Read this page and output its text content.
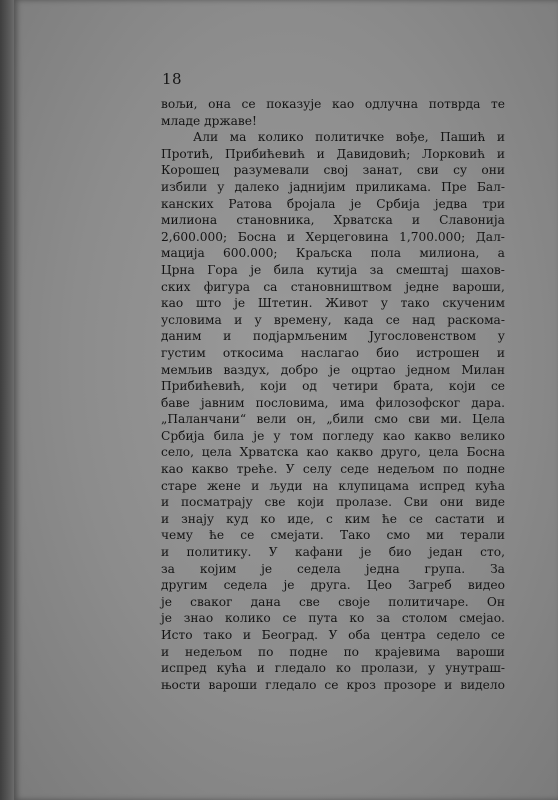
18
вољи, она се показује као одлучна потврда те
младе
државе!

Али ма колико политичке вође, Пашић и
Протић, Прибићевић и Давидовић; Лорковић и
Корошец разумевали свој занат, сви су они
избили у далеко јаднијим приликама. Пре Бал-
канских Ратова бројала је Србија једва три
милиона становника, Хрватска и Славонија
2,600.000; Босна и Херцеговина 1,700.000; Дал-
мација 600.000; Краљска пола милиона, а
Црна Гора је била кутија за смештај шахов-
ских фигура са становништвом једне вароши,
као што је Штетин. Живот у тако скученим
условима и у времену, када се над раскома-
даним и подјармљеним Југословенством у
густим откосима наслагао био истрошен и
мемљив ваздух, добро је оцртао једном Милан
Прибићевић, који од четири брата, који се
баве јавним пословима, има филозофског дара.
„Паланчани“ вели он, „били смо сви ми. Цела
Србија била је у том погледу као какво велико
село, цела Хрватска као какво друго, цела Босна
као какво треће. У селу седе недељом по подне
старе жене и људи на клупицама испред кућа
и посматрају све који пролазе. Сви они виде
и знају куд ко иде, с ким ће се састати и
чему ће се смејати. Тако смо ми терали
и политику. У кафани је био један сто,
за којим је седела једна група. За
другим седела је друга. Цео Загреб видео
је сваког дана све своје политичаре. Он
је знао колико се пута ко за столом смејао.
Исто тако и Београд. У оба центра седело се
и недељом по подне по крајевима вароши
испред кућа и гледало ко пролази, у унутраш-
њости вароши гледало се кроз прозоре и видело
